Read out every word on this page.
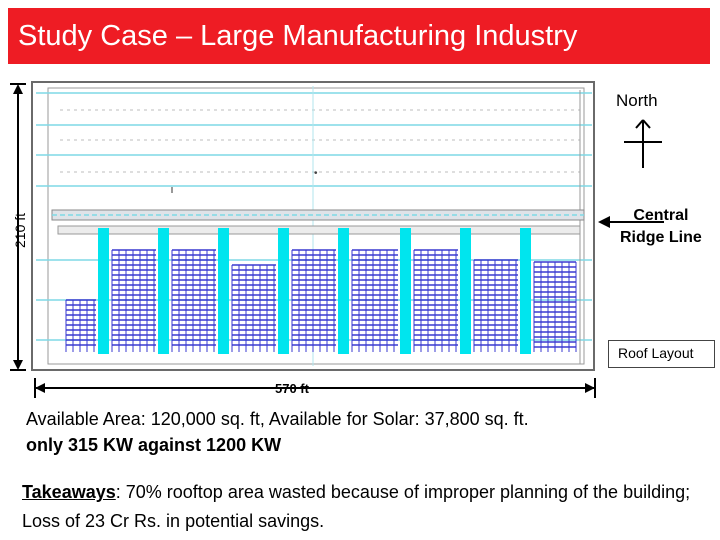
Study Case – Large Manufacturing Industry
•
North
Central
Ridge Line
Roof Layout
210 ft
570 ft
Available Area: 120,000 sq. ft, Available for Solar: 37,800 sq. ft.
only 315 KW against 1200 KW
Takeaways: 70% rooftop area wasted because of improper planning of the building; Loss of 23 Cr Rs. in potential savings.
